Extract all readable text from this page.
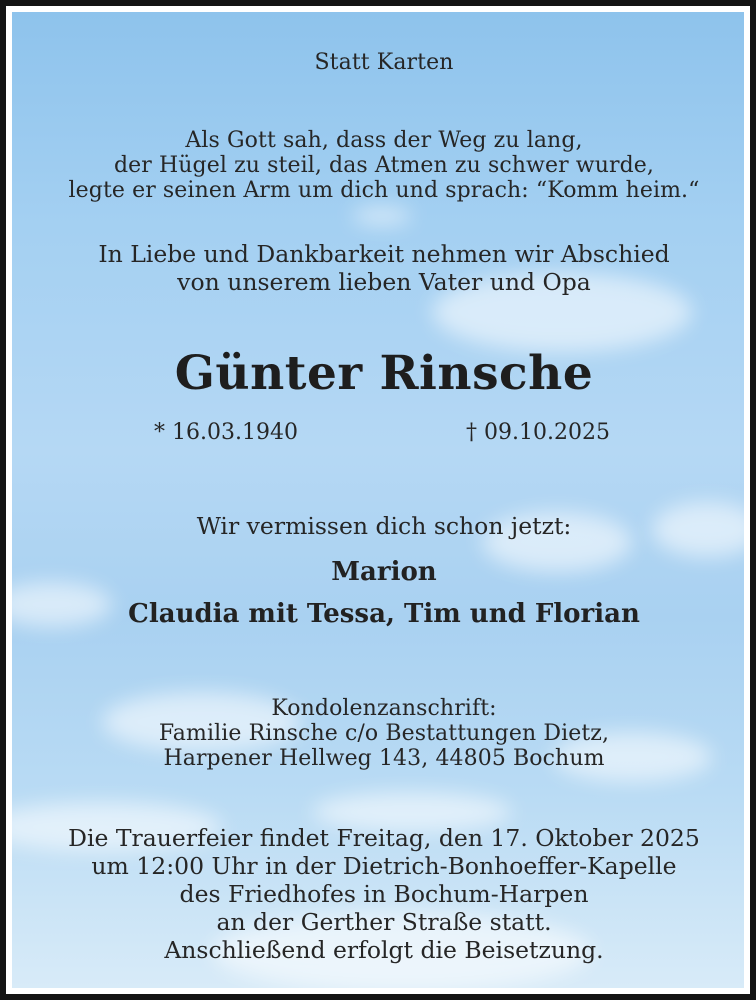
Statt Karten
Als Gott sah, dass der Weg zu lang,
der Hügel zu steil, das Atmen zu schwer wurde,
legte er seinen Arm um dich und sprach: “Komm heim.“
In Liebe und Dankbarkeit nehmen wir Abschied
von unserem lieben Vater und Opa
Günter Rinsche
* 16.03.1940	† 09.10.2025
Wir vermissen dich schon jetzt:
Marion
Claudia mit Tessa, Tim und Florian
Kondolenzanschrift:
Familie Rinsche c/o Bestattungen Dietz,
Harpener Hellweg 143, 44805 Bochum
Die Trauerfeier findet Freitag, den 17. Oktober 2025
um 12:00 Uhr in der Dietrich-Bonhoeffer-Kapelle
des Friedhofes in Bochum-Harpen
an der Gerther Straße statt.
Anschließend erfolgt die Beisetzung.
